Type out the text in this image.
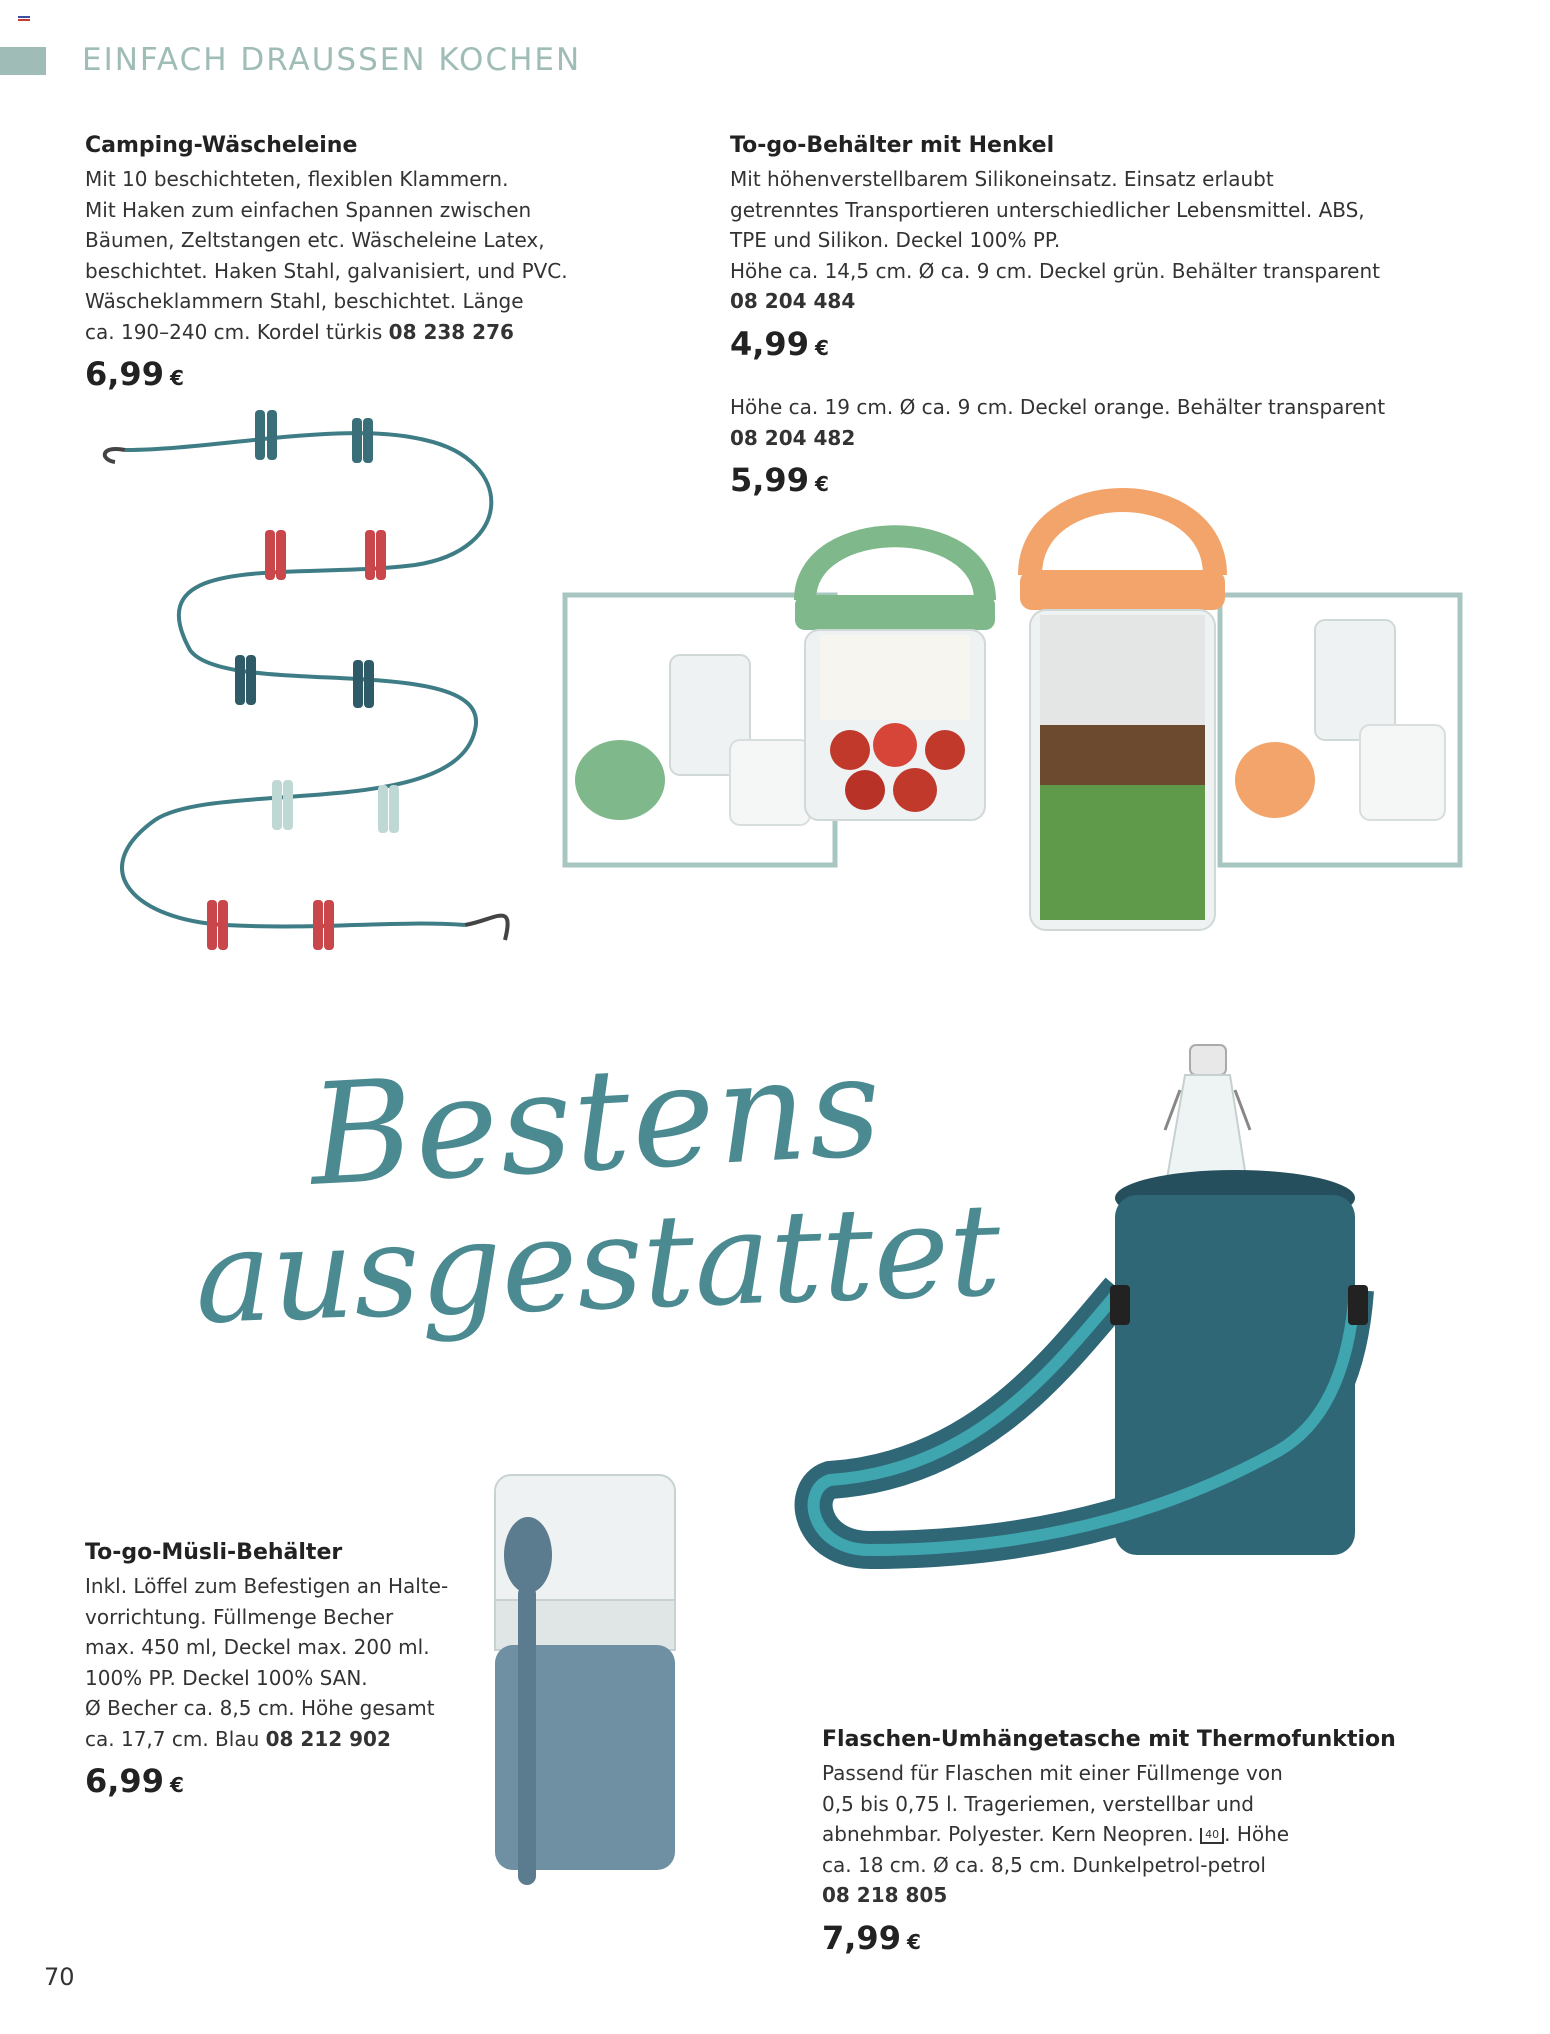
EINFACH DRAUSSEN KOCHEN
Camping-Wäscheleine

Mit 10 beschichteten, flexiblen Klammern.
Mit Haken zum einfachen Spannen zwischen
Bäumen, Zeltstangen etc. Wäscheleine Latex,
beschichtet. Haken Stahl, galvanisiert, und PVC.
Wäscheklammern Stahl, beschichtet. Länge
ca. 190–240 cm. Kordel türkis 08 238 276

6,99 €
To-go-Behälter mit Henkel

Mit höhenverstellbarem Silikoneinsatz. Einsatz erlaubt
getrenntes Transportieren unterschiedlicher Lebensmittel. ABS,
TPE und Silikon. Deckel 100% PP.
Höhe ca. 14,5 cm. Ø ca. 9 cm. Deckel grün. Behälter transparent
08 204 484

4,99 €

Höhe ca. 19 cm. Ø ca. 9 cm. Deckel orange. Behälter transparent
08 204 482

5,99 €
Bestens
ausgestattet
To-go-Müsli-Behälter

Inkl. Löffel zum Befestigen an Halte-
vorrichtung. Füllmenge Becher
max. 450 ml, Deckel max. 200 ml.
100% PP. Deckel 100% SAN.
Ø Becher ca. 8,5 cm. Höhe gesamt
ca. 17,7 cm. Blau 08 212 902

6,99 €
Flaschen-Umhängetasche mit Thermofunktion

Passend für Flaschen mit einer Füllmenge von
0,5 bis 0,75 l. Trageriemen, verstellbar und
abnehmbar. Polyester. Kern Neopren. 40 . Höhe
ca. 18 cm. Ø ca. 8,5 cm. Dunkelpetrol-petrol
08 218 805

7,99 €
70
